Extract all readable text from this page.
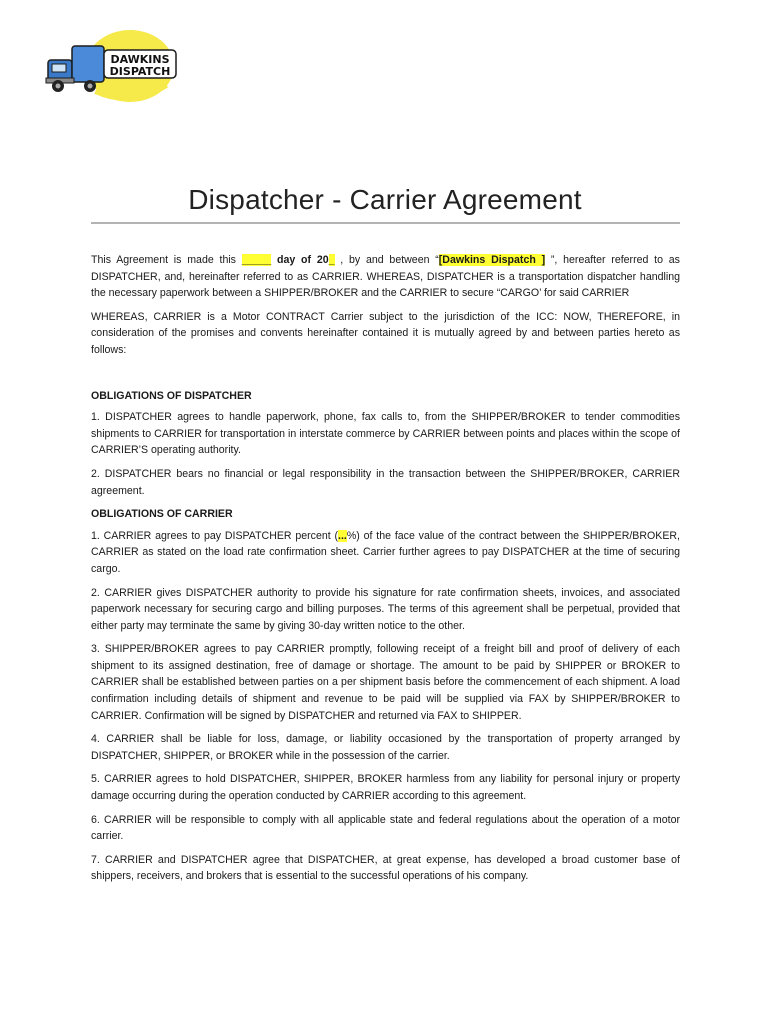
DAWKINS
DISPATCH
Dispatcher - Carrier Agreement

This Agreement is made this _____ day of 20_ , by and between “[Dawkins Dispatch ] ”, hereafter referred to as DISPATCHER, and, hereinafter referred to as CARRIER. WHEREAS, DISPATCHER is a transportation dispatcher handling the necessary paperwork between a SHIPPER/BROKER and the CARRIER to secure “CARGO’ for said CARRIER

WHEREAS, CARRIER is a Motor CONTRACT Carrier subject to the jurisdiction of the ICC: NOW, THEREFORE, in consideration of the promises and convents hereinafter contained it is mutually agreed by and between parties hereto as follows:

OBLIGATIONS OF DISPATCHER

1. DISPATCHER agrees to handle paperwork, phone, fax calls to, from the SHIPPER/BROKER to tender commodities shipments to CARRIER for transportation in interstate commerce by CARRIER between points and places within the scope of CARRIER’S operating authority.

2. DISPATCHER bears no financial or legal responsibility in the transaction between the SHIPPER/BROKER, CARRIER agreement.

OBLIGATIONS OF CARRIER

1. CARRIER agrees to pay DISPATCHER percent (...%) of the face value of the contract between the SHIPPER/BROKER, CARRIER as stated on the load rate confirmation sheet. Carrier further agrees to pay DISPATCHER at the time of securing cargo.

2. CARRIER gives DISPATCHER authority to provide his signature for rate confirmation sheets, invoices, and associated paperwork necessary for securing cargo and billing purposes. The terms of this agreement shall be perpetual, provided that either party may terminate the same by giving 30-day written notice to the other.

3. SHIPPER/BROKER agrees to pay CARRIER promptly, following receipt of a freight bill and proof of delivery of each shipment to its assigned destination, free of damage or shortage. The amount to be paid by SHIPPER or BROKER to CARRIER shall be established between parties on a per shipment basis before the commencement of each shipment. A load confirmation including details of shipment and revenue to be paid will be supplied via FAX by SHIPPER/BROKER to CARRIER. Confirmation will be signed by DISPATCHER and returned via FAX to SHIPPER.

4. CARRIER shall be liable for loss, damage, or liability occasioned by the transportation of property arranged by DISPATCHER, SHIPPER, or BROKER while in the possession of the carrier.

5. CARRIER agrees to hold DISPATCHER, SHIPPER, BROKER harmless from any liability for personal injury or property damage occurring during the operation conducted by CARRIER according to this agreement.

6. CARRIER will be responsible to comply with all applicable state and federal regulations about the operation of a motor carrier.

7. CARRIER and DISPATCHER agree that DISPATCHER, at great expense, has developed a broad customer base of shippers, receivers, and brokers that is essential to the successful operations of his company.
